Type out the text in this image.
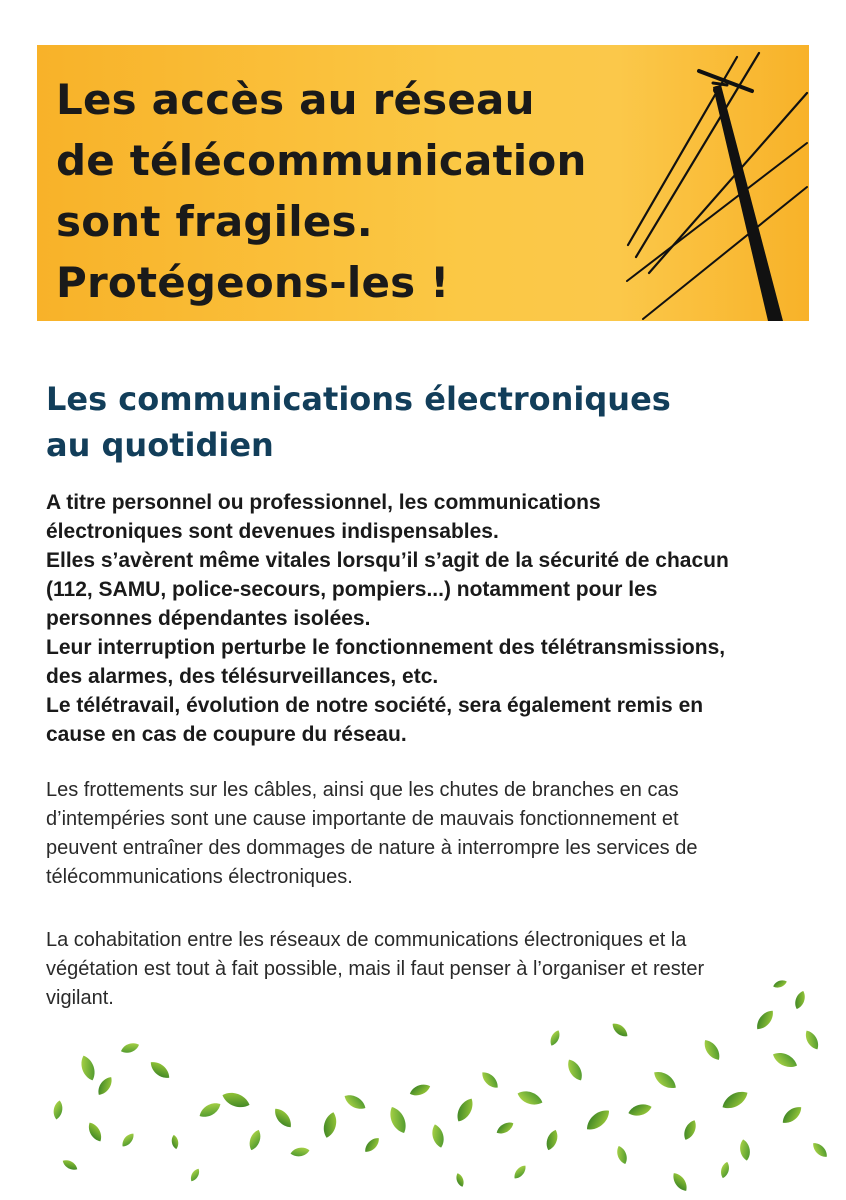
Les accès au réseau
de télécommunication
sont fragiles.
Protégeons-les !
Les communications électroniques
au quotidien

A titre personnel ou professionnel, les communications
électroniques sont devenues indispensables.
Elles s’avèrent même vitales lorsqu’il s’agit de la sécurité de chacun
(112, SAMU, police-secours, pompiers...) notamment pour les
personnes dépendantes isolées.
Leur interruption perturbe le fonctionnement des télétransmissions,
des alarmes, des télésurveillances, etc.
Le télétravail, évolution de notre société, sera également remis en
cause en cas de coupure du réseau.

Les frottements sur les câbles, ainsi que les chutes de branches en cas
d’intempéries sont une cause importante de mauvais fonctionnement et
peuvent entraîner des dommages de nature à interrompre les services de
télécommunications électroniques.

La cohabitation entre les réseaux de communications électroniques et la
végétation est tout à fait possible, mais il faut penser à l’organiser et rester
vigilant.
